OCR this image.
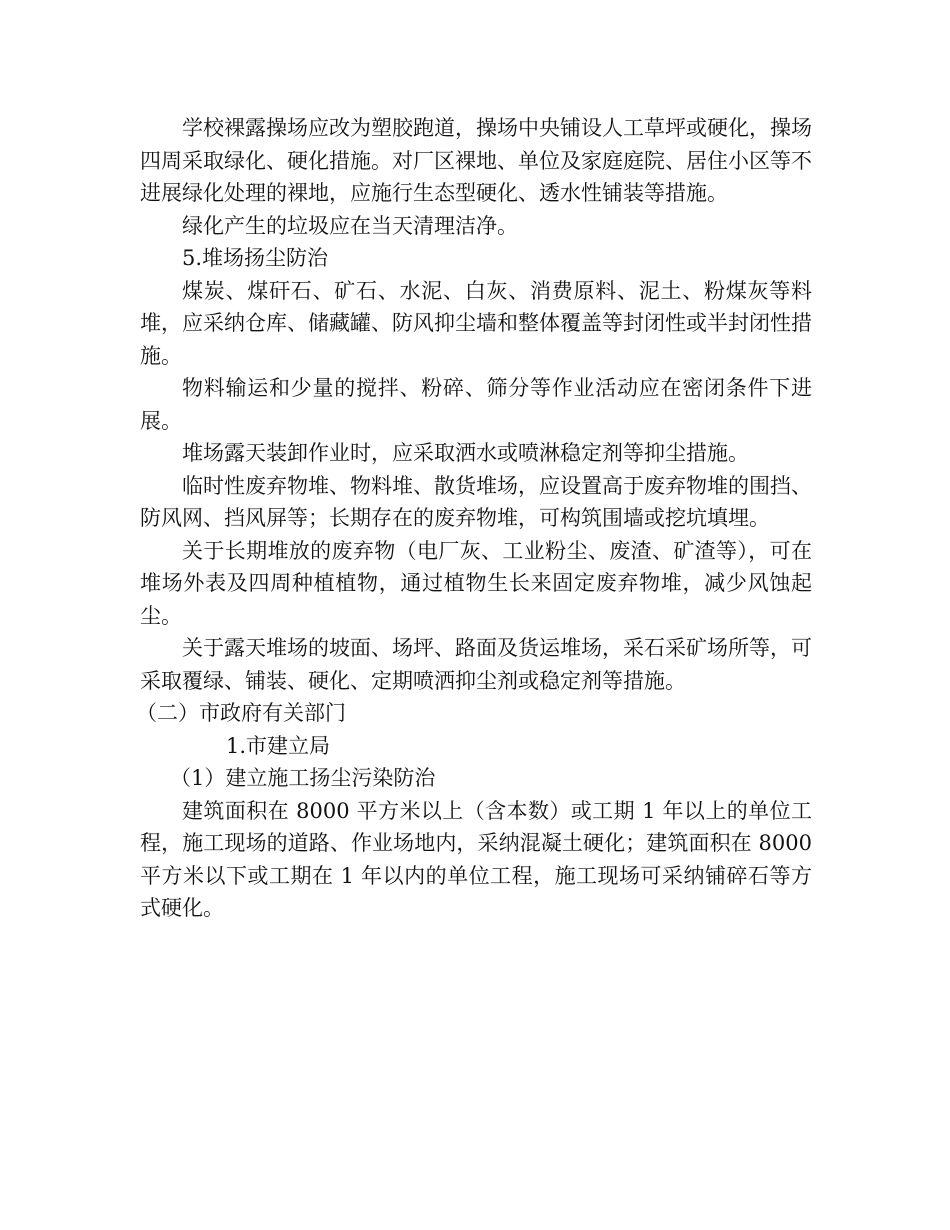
学校裸露操场应改为塑胶跑道，操场中央铺设人工草坪或硬化，操场四周采取绿化、硬化措施。对厂区裸地、单位及家庭庭院、居住小区等不进展绿化处理的裸地，应施行生态型硬化、透水性铺装等措施。

绿化产生的垃圾应在当天清理洁净。

5.堆场扬尘防治

煤炭、煤矸石、矿石、水泥、白灰、消费原料、泥土、粉煤灰等料堆，应采纳仓库、储藏罐、防风抑尘墙和整体覆盖等封闭性或半封闭性措施。

物料输运和少量的搅拌、粉碎、筛分等作业活动应在密闭条件下进展。

堆场露天装卸作业时，应采取洒水或喷淋稳定剂等抑尘措施。

临时性废弃物堆、物料堆、散货堆场，应设置高于废弃物堆的围挡、防风网、挡风屏等；长期存在的废弃物堆，可构筑围墙或挖坑填埋。

关于长期堆放的废弃物（电厂灰、工业粉尘、废渣、矿渣等），可在堆场外表及四周种植植物，通过植物生长来固定废弃物堆，减少风蚀起尘。

关于露天堆场的坡面、场坪、路面及货运堆场，采石采矿场所等，可采取覆绿、铺装、硬化、定期喷洒抑尘剂或稳定剂等措施。

（二）市政府有关部门

1.市建立局

（1）建立施工扬尘污染防治

建筑面积在 8000 平方米以上（含本数）或工期 1 年以上的单位工程，施工现场的道路、作业场地内，采纳混凝土硬化；建筑面积在 8000 平方米以下或工期在 1 年以内的单位工程，施工现场可采纳铺碎石等方式硬化。
